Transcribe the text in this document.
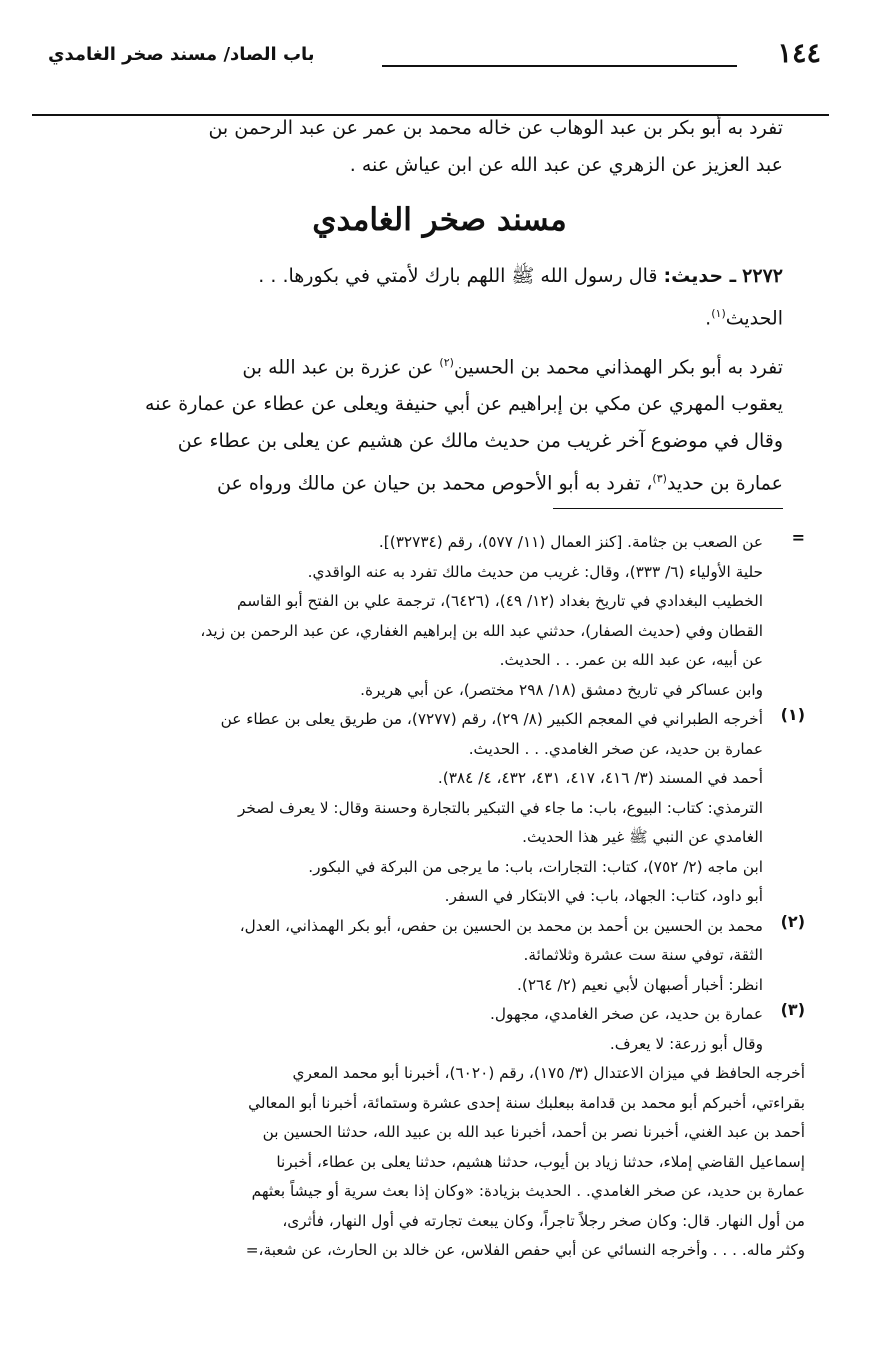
١٤٤
باب الصاد/ مسند صخر الغامدي

تفرد به أبو بكر بن عبد الوهاب عن خاله محمد بن عمر عن عبد الرحمن بن

عبد العزيز عن الزهري عن عبد الله عن ابن عياش عنه .

مسند صخر الغامدي

٢٢٧٢ ـ حديث: قال رسول الله ﷺ اللهم بارك لأمتي في بكورها. . .

الحديث$^{(١)}$.

تفرد به أبو بكر الهمذاني محمد بن الحسين$^{(٢)}$ عن عزرة بن عبد الله بن

يعقوب المهري عن مكي بن إبراهيم عن أبي حنيفة ويعلى عن عطاء عن عمارة عنه

وقال في موضوع آخر غريب من حديث مالك عن هشيم عن يعلى بن عطاء عن

عمارة بن حديد$^{(٣)}$، تفرد به أبو الأحوص محمد بن حيان عن مالك ورواه عن

=

عن الصعب بن جثامة. [كنز العمال (١١/ ٥٧٧)، رقم (٣٢٧٣٤)].

حلية الأولياء (٦/ ٣٣٣)، وقال: غريب من حديث مالك تفرد به عنه الواقدي.

الخطيب البغدادي في تاريخ بغداد (١٢/ ٤٩)، (٦٤٢٦)، ترجمة علي بن الفتح أبو القاسم

القطان وفي (حديث الصفار)، حدثني عبد الله بن إبراهيم الغفاري، عن عبد الرحمن بن زيد،

عن أبيه، عن عبد الله بن عمر. . . الحديث.

وابن عساكر في تاريخ دمشق (١٨/ ٢٩٨ مختصر)، عن أبي هريرة.

(١)

أخرجه الطبراني في المعجم الكبير (٨/ ٢٩)، رقم (٧٢٧٧)، من طريق يعلى بن عطاء عن

عمارة بن حديد، عن صخر الغامدي. . . الحديث.

أحمد في المسند (٣/ ٤١٦، ٤١٧، ٤٣١، ٤٣٢، ٤/ ٣٨٤).

الترمذي: كتاب: البيوع، باب: ما جاء في التبكير بالتجارة وحسنة وقال: لا يعرف لصخر

الغامدي عن النبي ﷺ غير هذا الحديث.

ابن ماجه (٢/ ٧٥٢)، كتاب: التجارات، باب: ما يرجى من البركة في البكور.

أبو داود، كتاب: الجهاد، باب: في الابتكار في السفر.

(٢)

محمد بن الحسين بن أحمد بن محمد بن الحسين بن حفص، أبو بكر الهمذاني، العدل،

الثقة، توفي سنة ست عشرة وثلاثمائة.

انظر: أخبار أصبهان لأبي نعيم (٢/ ٢٦٤).

(٣)

عمارة بن حديد، عن صخر الغامدي، مجهول.

وقال أبو زرعة: لا يعرف.

أخرجه الحافظ في ميزان الاعتدال (٣/ ١٧٥)، رقم (٦٠٢٠)، أخبرنا أبو محمد المعري

بقراءتي، أخبركم أبو محمد بن قدامة ببعلبك سنة إحدى عشرة وستمائة، أخبرنا أبو المعالي

أحمد بن عبد الغني، أخبرنا نصر بن أحمد، أخبرنا عبد الله بن عبيد الله، حدثنا الحسين بن

إسماعيل القاضي إملاء، حدثنا زياد بن أيوب، حدثنا هشيم، حدثنا يعلى بن عطاء، أخبرنا

عمارة بن حديد، عن صخر الغامدي. . الحديث بزيادة: «وكان إذا بعث سرية أو جيشاً بعثهم

من أول النهار. قال: وكان صخر رجلاً تاجراً، وكان يبعث تجارته في أول النهار، فأثرى،

وكثر ماله. . . . وأخرجه النسائي عن أبي حفص الفلاس، عن خالد بن الحارث، عن شعبة،=
